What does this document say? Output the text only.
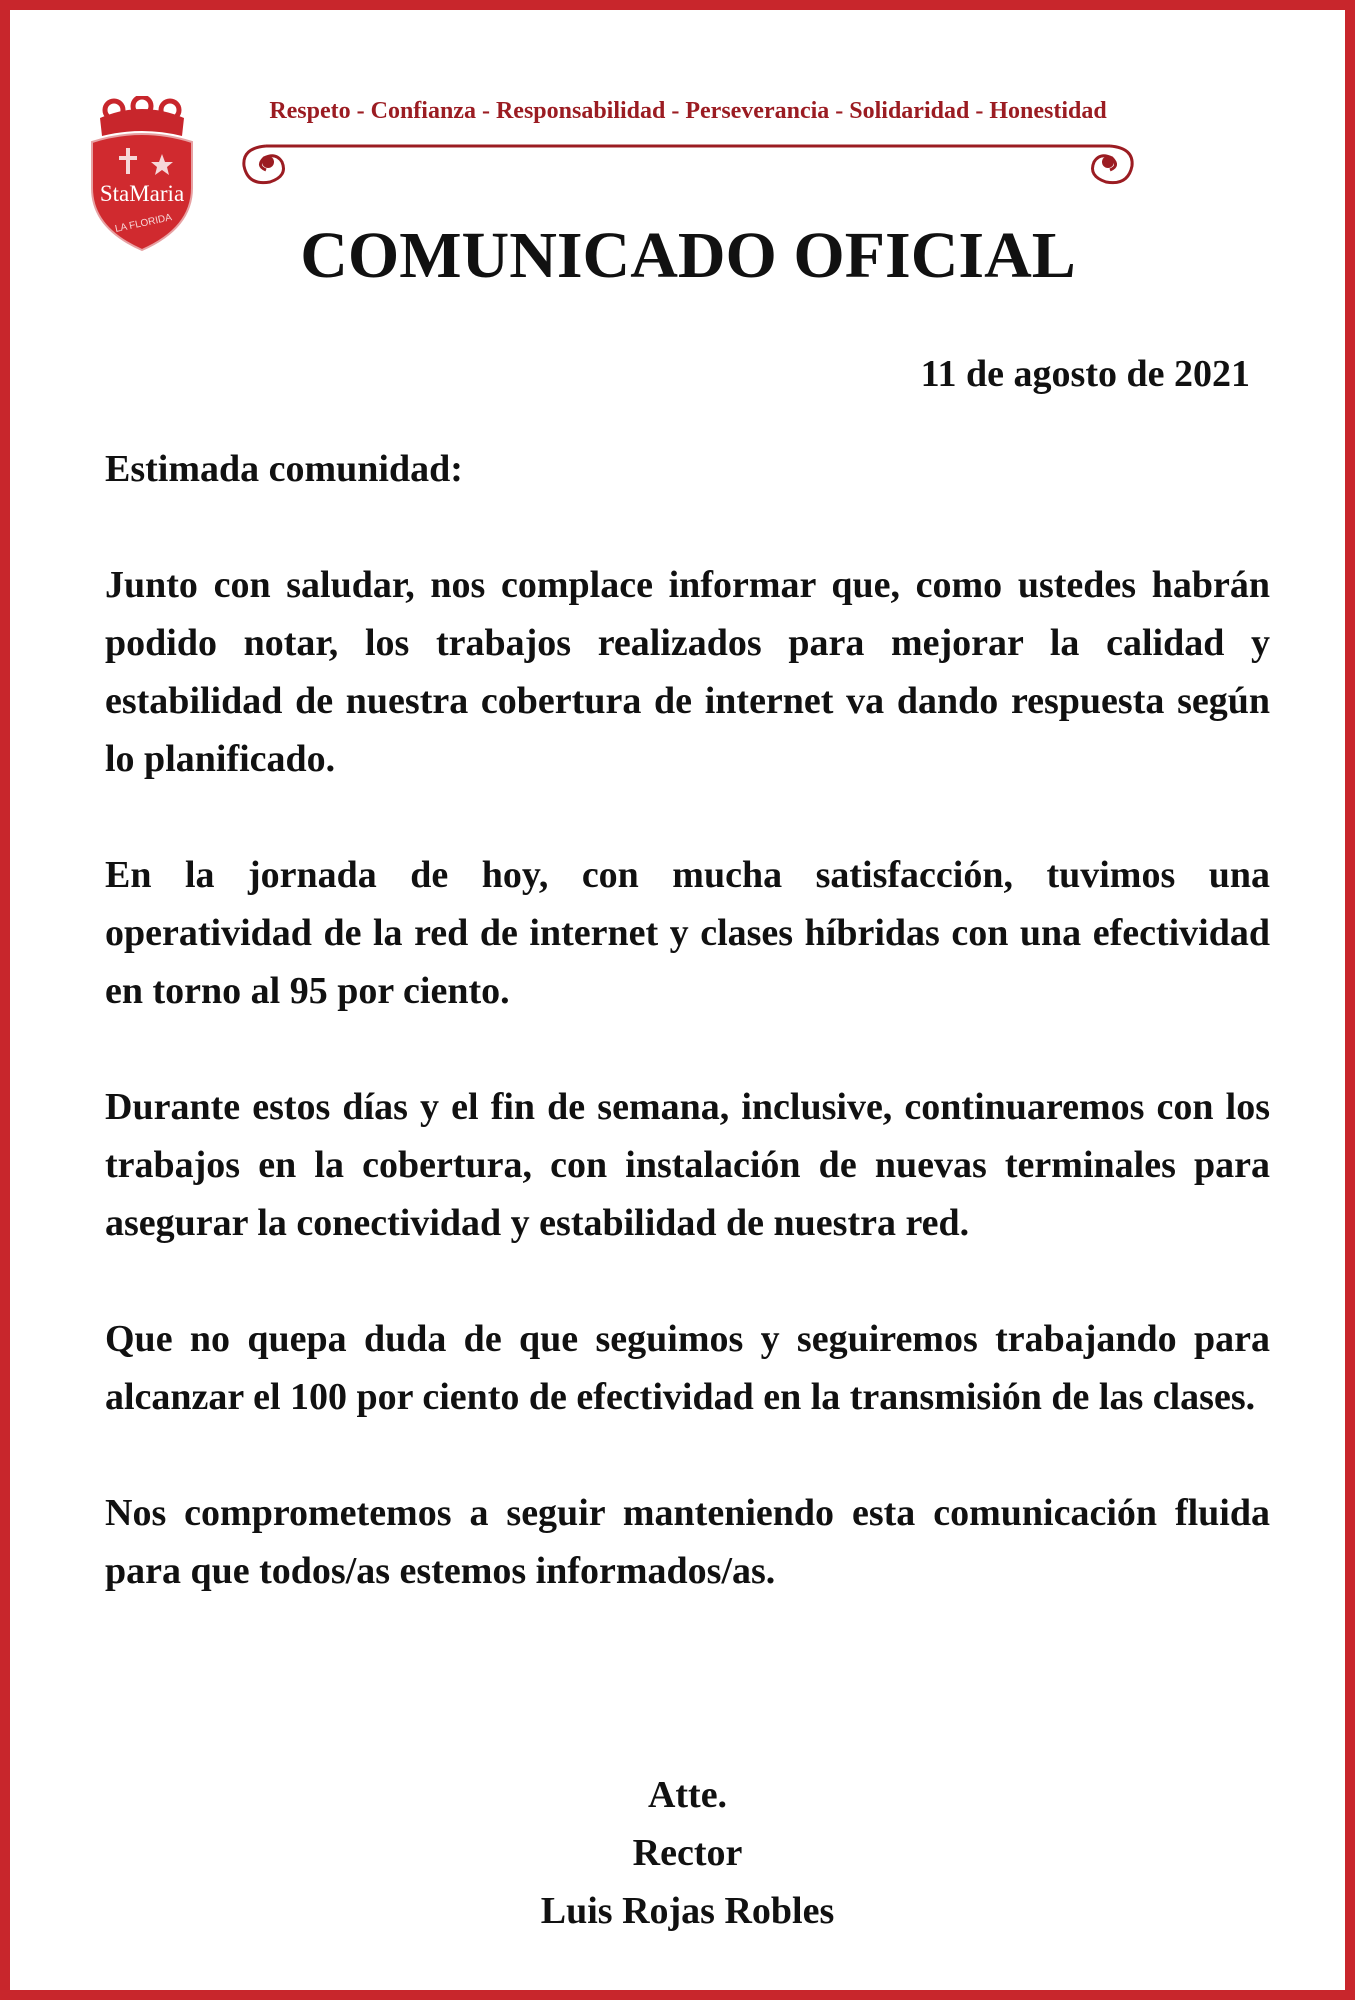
StaMaria
LA FLORIDA
Respeto - Confianza - Responsabilidad - Perseverancia - Solidaridad - Honestidad
COMUNICADO OFICIAL
11 de agosto de 2021

Estimada comunidad:

Junto con saludar, nos complace informar que, como ustedes habrán podido notar, los trabajos realizados para mejorar la calidad y estabilidad de nuestra cobertura de internet va dando respuesta según lo planificado.

En la jornada de hoy, con mucha satisfacción, tuvimos una operatividad de la red de internet y clases híbridas con una efectividad en torno al 95 por ciento.

Durante estos días y el fin de semana, inclusive, continuaremos con los trabajos en la cobertura, con instalación de nuevas terminales para asegurar la conectividad y estabilidad de nuestra red.

Que no quepa duda de que seguimos y seguiremos trabajando para alcanzar el 100 por ciento de efectividad en la transmisión de las clases.

Nos comprometemos a seguir manteniendo esta comunicación fluida para que todos/as estemos informados/as.

Atte.
Rector
Luis Rojas Robles
